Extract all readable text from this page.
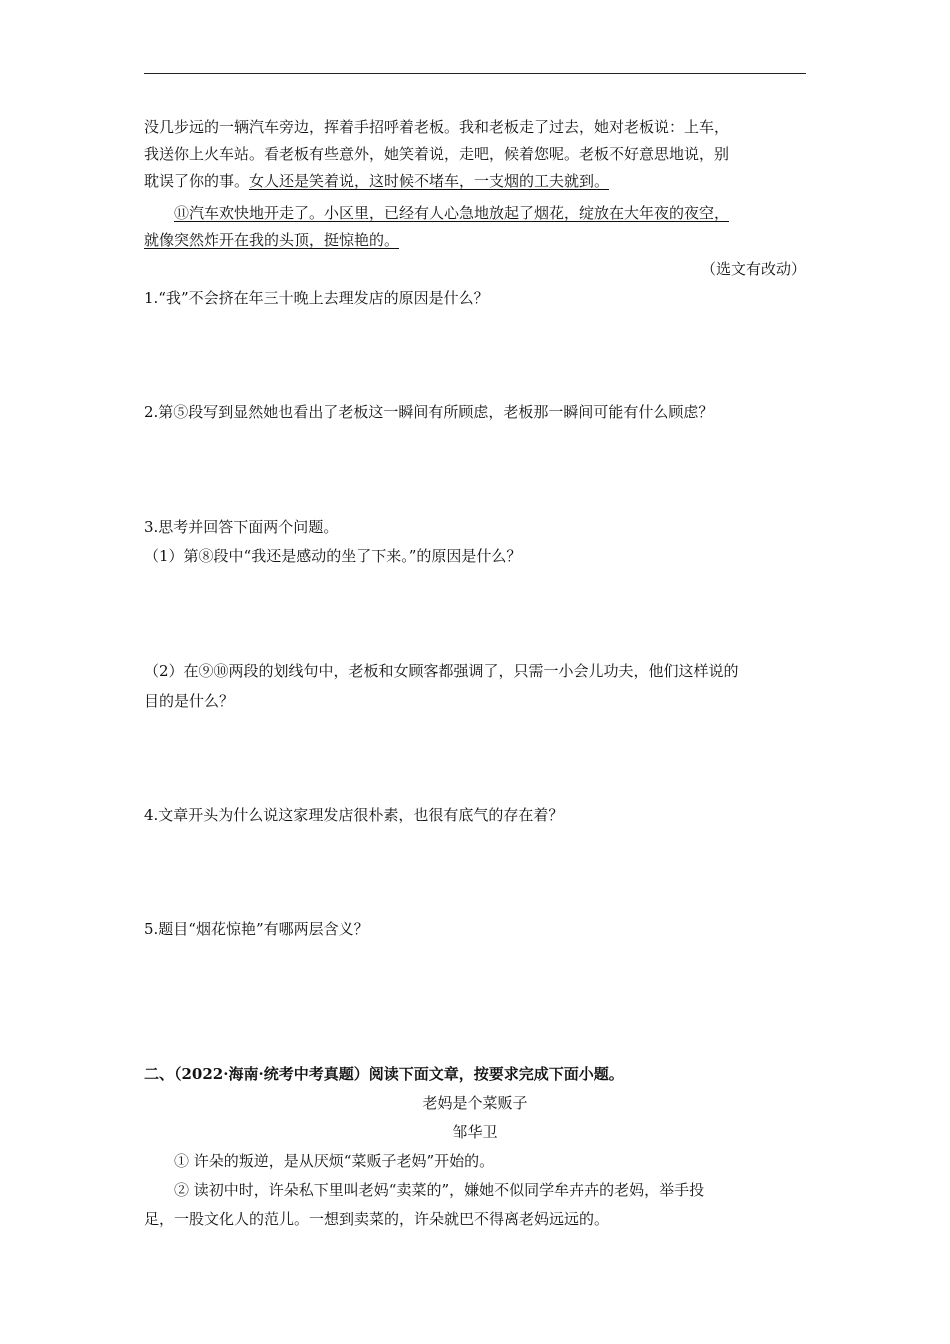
没几步远的一辆汽车旁边，挥着手招呼着老板。我和老板走了过去，她对老板说：上车，
我送你上火车站。看老板有些意外，她笑着说，走吧，候着您呢。老板不好意思地说，别
耽误了你的事。女人还是笑着说，这时候不堵车，一支烟的工夫就到。
⑪汽车欢快地开走了。小区里，已经有人心急地放起了烟花，绽放在大年夜的夜空，
就像突然炸开在我的头顶，挺惊艳的。
（选文有改动）
1.“我”不会挤在年三十晚上去理发店的原因是什么？
2.第⑤段写到显然她也看出了老板这一瞬间有所顾虑，老板那一瞬间可能有什么顾虑？
3.思考并回答下面两个问题。
（1）第⑧段中“我还是感动的坐了下来。”的原因是什么？
（2）在⑨⑩两段的划线句中，老板和女顾客都强调了，只需一小会儿功夫，他们这样说的
目的是什么？
4.文章开头为什么说这家理发店很朴素，也很有底气的存在着？
5.题目“烟花惊艳”有哪两层含义？
二、（2022·海南·统考中考真题）阅读下面文章，按要求完成下面小题。
老妈是个菜贩子
邹华卫
① 许朵的叛逆，是从厌烦“菜贩子老妈”开始的。
② 读初中时，许朵私下里叫老妈“卖菜的”，嫌她不似同学牟卉卉的老妈，举手投
足，一股文化人的范儿。一想到卖菜的，许朵就巴不得离老妈远远的。
